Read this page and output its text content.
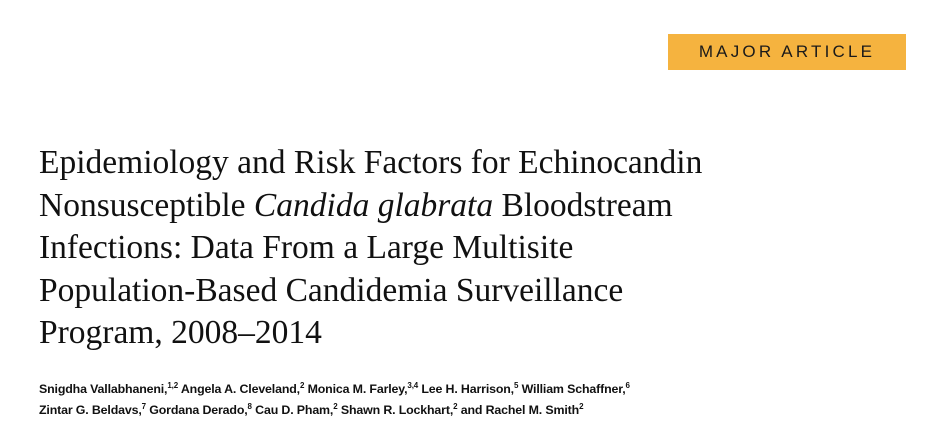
MAJOR ARTICLE
Epidemiology and Risk Factors for Echinocandin
Nonsusceptible Candida glabrata Bloodstream
Infections: Data From a Large Multisite
Population-Based Candidemia Surveillance
Program, 2008–2014
Snigdha Vallabhaneni,$^{1,2}$ Angela A. Cleveland,$^2$ Monica M. Farley,$^{3,4}$ Lee H. Harrison,$^5$ William Schaffner,$^6$
Zintar G. Beldavs,$^7$ Gordana Derado,$^8$ Cau D. Pham,$^2$ Shawn R. Lockhart,$^2$ and Rachel M. Smith$^2$
